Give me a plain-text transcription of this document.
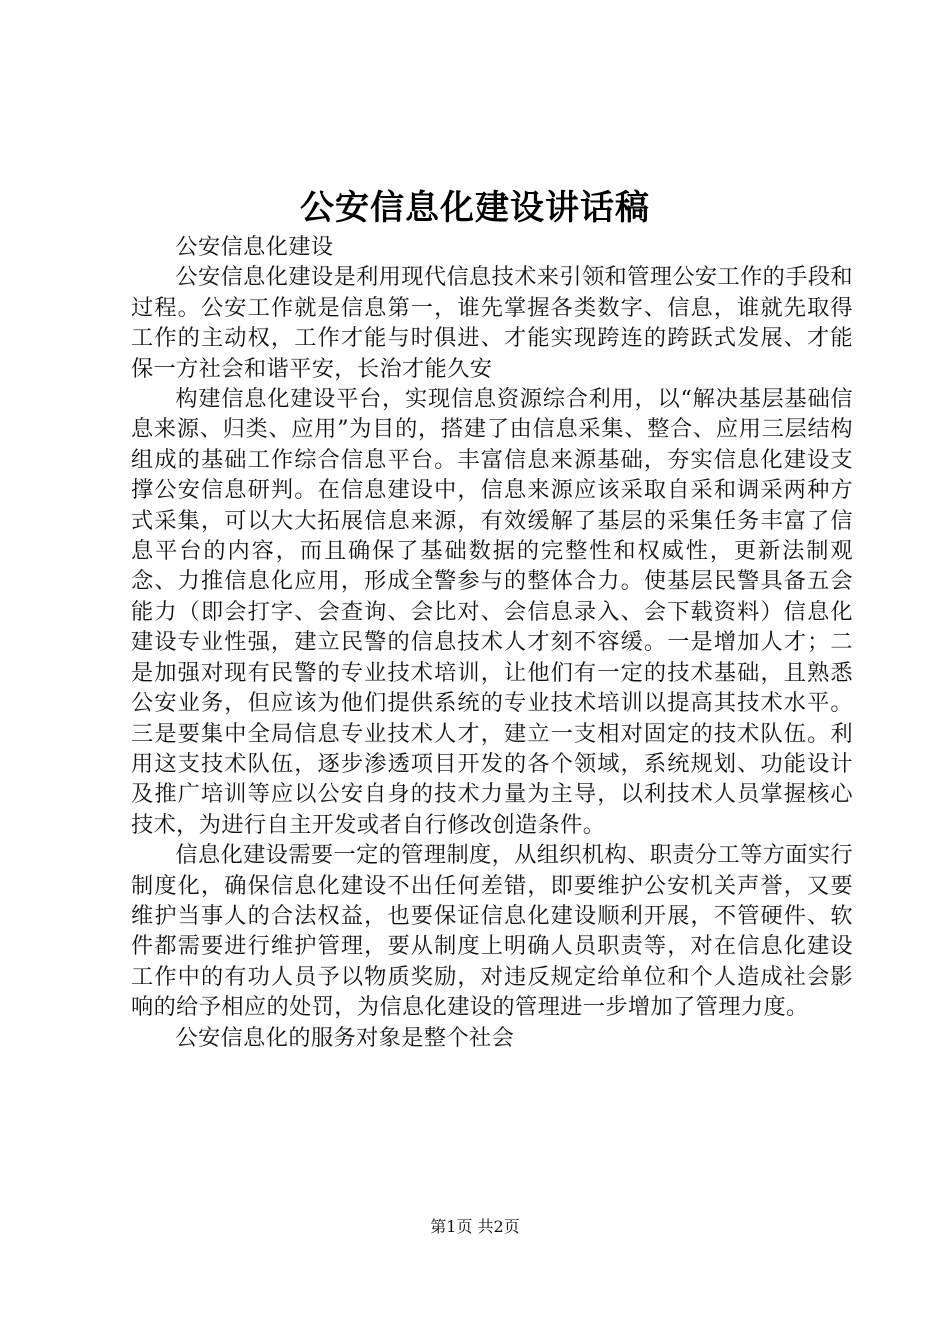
公安信息化建设讲话稿

公安信息化建设

公安信息化建设是利用现代信息技术来引领和管理公安工作的手段和过程。公安工作就是信息第一，谁先掌握各类数字、信息，谁就先取得工作的主动权，工作才能与时俱进、才能实现跨连的跨跃式发展、才能保一方社会和谐平安，长治才能久安

构建信息化建设平台，实现信息资源综合利用，以“解决基层基础信息来源、归类、应用”为目的，搭建了由信息采集、整合、应用三层结构组成的基础工作综合信息平台。丰富信息来源基础，夯实信息化建设支撑公安信息研判。在信息建设中，信息来源应该采取自采和调采两种方式采集，可以大大拓展信息来源，有效缓解了基层的采集任务丰富了信息平台的内容，而且确保了基础数据的完整性和权威性，更新法制观念、力推信息化应用，形成全警参与的整体合力。使基层民警具备五会能力（即会打字、会查询、会比对、会信息录入、会下载资料）信息化建设专业性强，建立民警的信息技术人才刻不容缓。一是增加人才；二是加强对现有民警的专业技术培训，让他们有一定的技术基础，且熟悉公安业务，但应该为他们提供系统的专业技术培训以提高其技术水平。三是要集中全局信息专业技术人才，建立一支相对固定的技术队伍。利用这支技术队伍，逐步渗透项目开发的各个领域，系统规划、功能设计及推广培训等应以公安自身的技术力量为主导，以利技术人员掌握核心技术，为进行自主开发或者自行修改创造条件。

信息化建设需要一定的管理制度，从组织机构、职责分工等方面实行制度化，确保信息化建设不出任何差错，即要维护公安机关声誉，又要维护当事人的合法权益，也要保证信息化建设顺利开展，不管硬件、软件都需要进行维护管理，要从制度上明确人员职责等，对在信息化建设工作中的有功人员予以物质奖励，对违反规定给单位和个人造成社会影响的给予相应的处罚，为信息化建设的管理进一步增加了管理力度。

公安信息化的服务对象是整个社会

第1页 共2页
